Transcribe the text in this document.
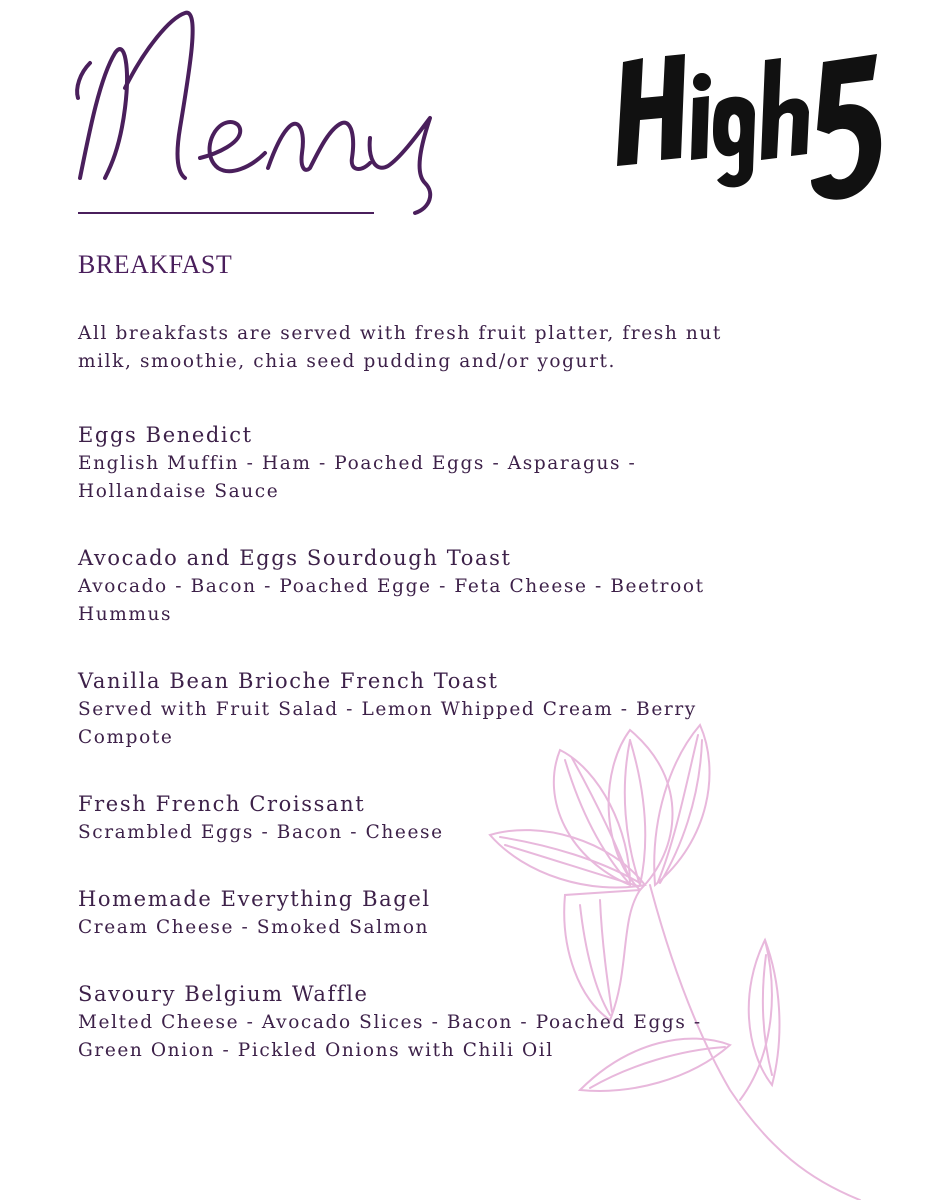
BREAKFAST

All breakfasts are served with fresh fruit platter, fresh nut
milk, smoothie, chia seed pudding and/or yogurt.

Eggs Benedict

English Muffin - Ham - Poached Eggs - Asparagus -

Hollandaise Sauce

Avocado and Eggs Sourdough Toast

Avocado - Bacon - Poached Egge - Feta Cheese - Beetroot

Hummus

Vanilla Bean Brioche French Toast

Served with Fruit Salad - Lemon Whipped Cream - Berry

Compote

Fresh French Croissant

Scrambled Eggs - Bacon - Cheese

Homemade Everything Bagel

Cream Cheese - Smoked Salmon

Savoury Belgium Waffle

Melted Cheese - Avocado Slices - Bacon - Poached Eggs -

Green Onion - Pickled Onions with Chili Oil
